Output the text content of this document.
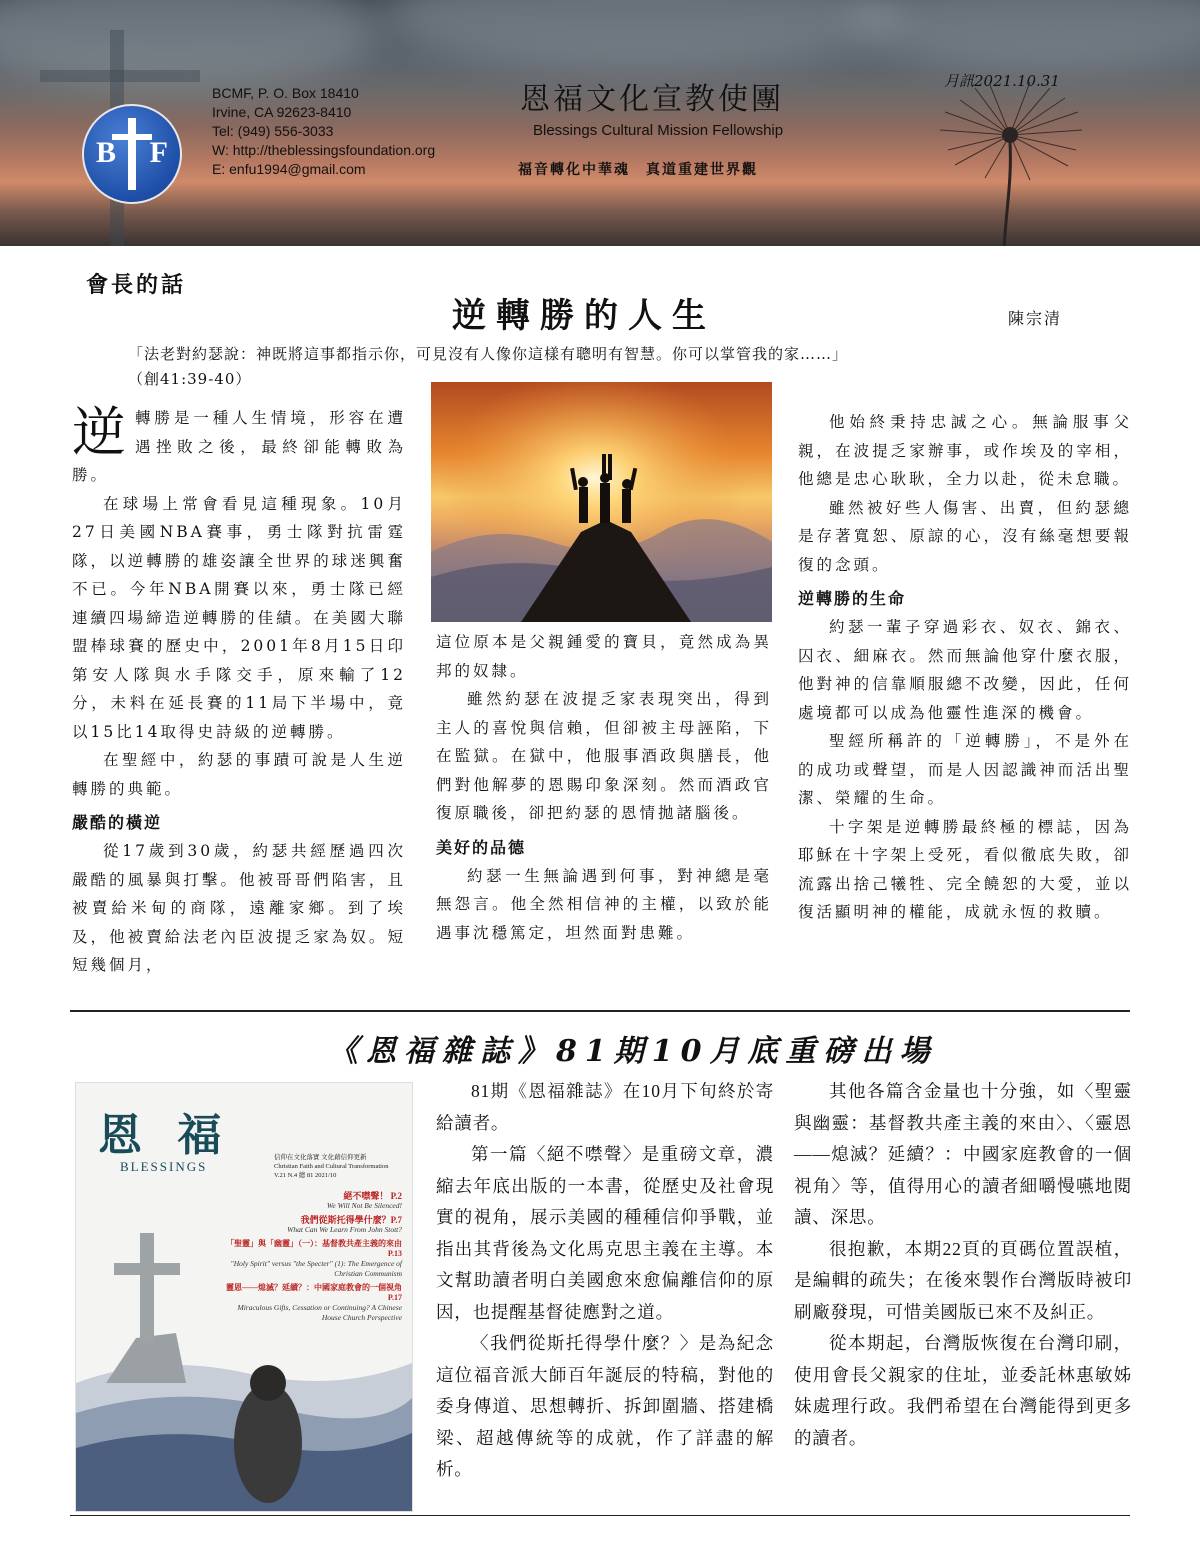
B F
BCMF, P. O. Box 18410
Irvine, CA 92623-8410
Tel: (949) 556-3033
W: http://theblessingsfoundation.org
E: enfu1994@gmail.com
恩福文化宣教使團
Blessings Cultural Mission Fellowship
福音轉化中華魂　真道重建世界觀
月訊2021.10.31
會長的話
逆轉勝的人生	陳宗清
「法老對約瑟說：神既將這事都指示你，可見沒有人像你這樣有聰明有智慧。你可以掌管我的家……」
（創41:39-40）

逆轉勝是一種人生情境，形容在遭遇挫敗之後，最終卻能轉敗為勝。

在球場上常會看見這種現象。10月27日美國NBA賽事，勇士隊對抗雷霆隊，以逆轉勝的雄姿讓全世界的球迷興奮不已。今年NBA開賽以來，勇士隊已經連續四場締造逆轉勝的佳績。在美國大聯盟棒球賽的歷史中，2001年8月15日印第安人隊與水手隊交手，原來輸了12分，未料在延長賽的11局下半場中，竟以15比14取得史詩級的逆轉勝。

在聖經中，約瑟的事蹟可說是人生逆轉勝的典範。

嚴酷的橫逆

從17歲到30歲，約瑟共經歷過四次嚴酷的風暴與打擊。他被哥哥們陷害，且被賣給米甸的商隊，遠離家鄉。到了埃及，他被賣給法老內臣波提乏家為奴。短短幾個月，

這位原本是父親鍾愛的寶貝，竟然成為異邦的奴隸。

雖然約瑟在波提乏家表現突出，得到主人的喜悅與信賴，但卻被主母誣陷，下在監獄。在獄中，他服事酒政與膳長，他們對他解夢的恩賜印象深刻。然而酒政官復原職後，卻把約瑟的恩情拋諸腦後。

美好的品德

約瑟一生無論遇到何事，對神總是毫無怨言。他全然相信神的主權，以致於能遇事沈穩篤定，坦然面對患難。

他始終秉持忠誠之心。無論服事父親，在波提乏家辦事，或作埃及的宰相，他總是忠心耿耿，全力以赴，從未怠職。

雖然被好些人傷害、出賣，但約瑟總是存著寬恕、原諒的心，沒有絲毫想要報復的念頭。

逆轉勝的生命

約瑟一輩子穿過彩衣、奴衣、錦衣、囚衣、細麻衣。然而無論他穿什麼衣服，他對神的信靠順服總不改變，因此，任何處境都可以成為他靈性進深的機會。

聖經所稱許的「逆轉勝」，不是外在的成功或聲望，而是人因認識神而活出聖潔、榮耀的生命。

十字架是逆轉勝最終極的標誌，因為耶穌在十字架上受死，看似徹底失敗，卻流露出捨己犧牲、完全饒恕的大愛，並以復活顯明神的權能，成就永恆的救贖。

《恩福雜誌》81期10月底重磅出場
恩 福
BLESSINGS
信仰在文化落實 文化藉信仰更新
Christian Faith and Cultural Transformation
V.21 N.4 總 81 2021/10
絕不噤聲！ P.2
We Will Not Be Silenced!
我們從斯托得學什麼？P.7
What Can We Learn From John Stott?
「聖靈」與「幽靈」（一）：基督教共產主義的來由 P.13
"Holy Spirit" versus "the Specter" (1): The Emergence of Christian Communism
靈恩——熄滅？延續？：中國家庭教會的一個視角 P.17
Miraculous Gifts, Cessation or Continuing? A Chinese House Church Perspective

81期《恩福雜誌》在10月下旬終於寄給讀者。

第一篇〈絕不噤聲〉是重磅文章，濃縮去年底出版的一本書，從歷史及社會現實的視角，展示美國的種種信仰爭戰，並指出其背後為文化馬克思主義在主導。本文幫助讀者明白美國愈來愈偏離信仰的原因，也提醒基督徒應對之道。

〈我們從斯托得學什麼？〉是為紀念這位福音派大師百年誕辰的特稿，對他的委身傳道、思想轉折、拆卸圍牆、搭建橋梁、超越傳統等的成就，作了詳盡的解析。

其他各篇含金量也十分強，如〈聖靈與幽靈：基督教共產主義的來由〉、〈靈恩——熄滅？延續？：中國家庭教會的一個視角〉等，值得用心的讀者細嚼慢嚥地閱讀、深思。

很抱歉，本期22頁的頁碼位置誤植，是編輯的疏失；在後來製作台灣版時被印刷廠發現，可惜美國版已來不及糾正。

從本期起，台灣版恢復在台灣印刷，使用會長父親家的住址，並委託林惠敏姊妹處理行政。我們希望在台灣能得到更多的讀者。
